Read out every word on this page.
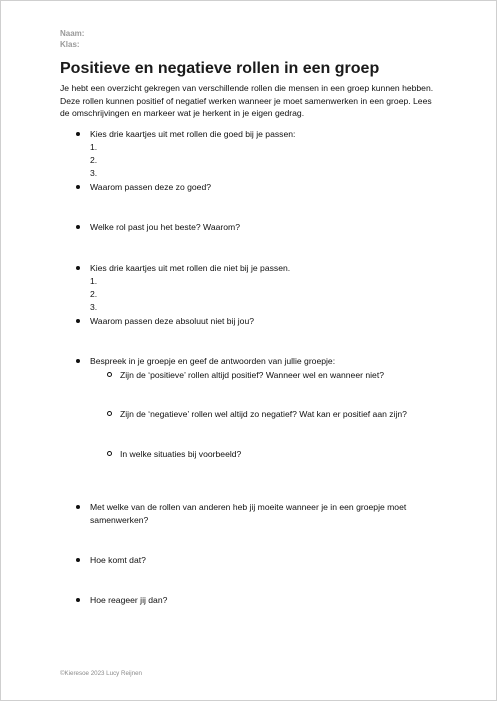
Naam:
Klas:
Positieve en negatieve rollen in een groep
Je hebt een overzicht gekregen van verschillende rollen die mensen in een groep kunnen hebben. Deze rollen kunnen positief of negatief werken wanneer je moet samenwerken in een groep. Lees de omschrijvingen en markeer wat je herkent in je eigen gedrag.
Kies drie kaartjes uit met rollen die goed bij je passen:
1.
2.
3.
Waarom passen deze zo goed?
Welke rol past jou het beste? Waarom?
Kies drie kaartjes uit met rollen die niet bij je passen.
1.
2.
3.
Waarom passen deze absoluut niet bij jou?
Bespreek in je groepje en geef de antwoorden van jullie groepje:
Zijn de ‘positieve’ rollen altijd positief? Wanneer wel en wanneer niet?
Zijn de ‘negatieve’ rollen wel altijd zo negatief? Wat kan er positief aan zijn?
In welke situaties bij voorbeeld?
Met welke van de rollen van anderen heb jij moeite wanneer je in een groepje moet samenwerken?
Hoe komt dat?
Hoe reageer jij dan?
©Kieresoe 2023 Lucy Reijnen
